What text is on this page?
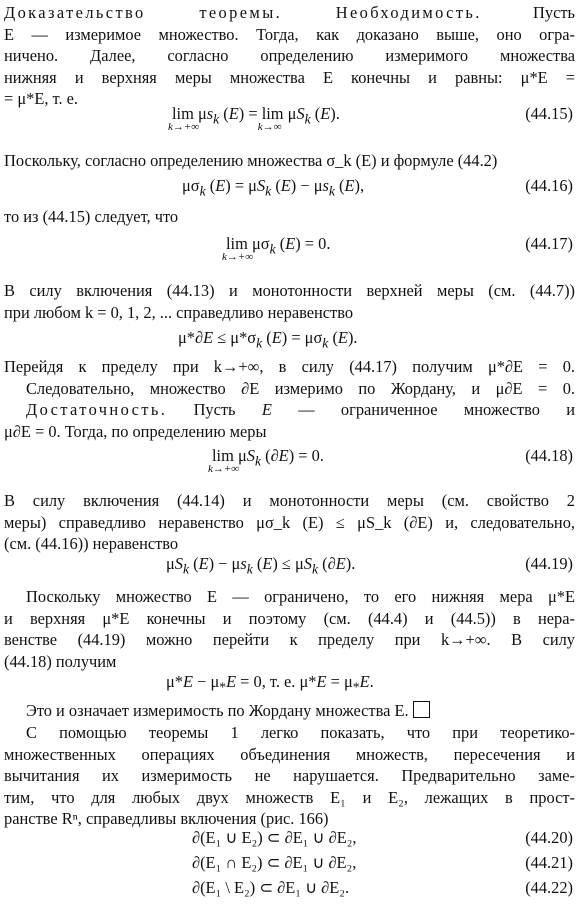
Доказательство теоремы. Необходимость. Пусть
E — измеримое множество. Тогда, как доказано выше, оно огра-
ничено. Далее, согласно определению измеримого множества
нижняя и верхняя меры множества E конечны и равны: μ*E =
= μ*E, т. е.
lim
k→+∞
$\mu s_k$ (E) = lim
k→∞
$\mu S_k$ (E).	(44.15)
Поскольку, согласно определению множества σ_k (E) и формуле (44.2)
$\mu\sigma_k$ $(E) = \mu S_k$ $(E) - \mu s_k$ (E),	(44.16)
то из (44.15) следует, что
lim
k→+∞
$\mu\sigma_k$ (E) = 0.	(44.17)
В силу включения (44.13) и монотонности верхней меры (см. (44.7))
при любом k = 0, 1, 2, ... справедливо неравенство
$\mu*\partial E \le \mu*\sigma_k$ $(E) = \mu\sigma_k$ (E).
Перейдя к пределу при k→+∞, в силу (44.17) получим μ*∂E = 0.
Следовательно, множество ∂E измеримо по Жордану, и μ∂E = 0.
Достаточность. Пусть E — ограниченное множество и
μ∂E = 0. Тогда, по определению меры
lim
k→+∞
$\mu S_k$ (∂E) = 0.	(44.18)
В силу включения (44.14) и монотонности меры (см. свойство 2
меры) справедливо неравенство μσ_k (E) ≤ μS_k (∂E) и, следовательно,
(см. (44.16)) неравенство
$\mu S_k$ $(E) - \mu s_k$ $(E) \le \mu S_k$ (∂E).	(44.19)
Поскольку множество E — ограничено, то его нижняя мера μ*E
и верхняя μ*E конечны и поэтому (см. (44.4) и (44.5)) в нера-
венстве (44.19) можно перейти к пределу при k→+∞. В силу
(44.18) получим
$\mu*E - \mu_*E = 0$, т. е. $\mu*E = \mu_*E$.
Это и означает измеримость по Жордану множества E.
С помощью теоремы 1 легко показать, что при теоретико-
множественных операциях объединения множеств, пересечения и
вычитания их измеримость не нарушается. Предварительно заме-
тим, что для любых двух множеств E₁ и E₂, лежащих в прост-
ранстве Rⁿ, справедливы включения (рис. 166)
∂(E₁ ∪ E₂) ⊂ ∂E₁ ∪ ∂E₂,	(44.20)
∂(E₁ ∩ E₂) ⊂ ∂E₁ ∪ ∂E₂,	(44.21)
∂(E₁ \ E₂) ⊂ ∂E₁ ∪ ∂E₂.	(44.22)
